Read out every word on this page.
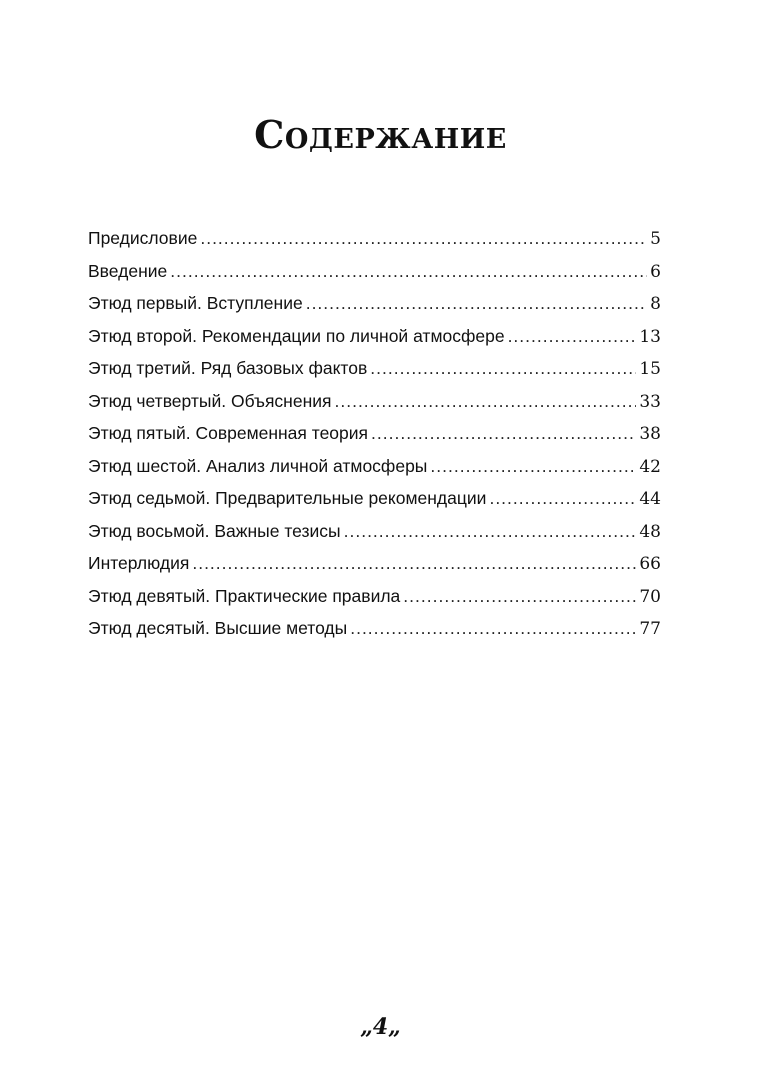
Содержание
Предисловие .....	5
Введение .....	6
Этюд первый. Вступление .....	8
Этюд второй. Рекомендации по личной атмосфере .....	13
Этюд третий. Ряд базовых фактов .....	15
Этюд четвертый. Объяснения .....	33
Этюд пятый. Современная теория .....	38
Этюд шестой. Анализ личной атмосферы .....	42
Этюд седьмой. Предварительные рекомендации .....	44
Этюд восьмой. Важные тезисы .....	48
Интерлюдия .....	66
Этюд девятый. Практические правила .....	70
Этюд десятый. Высшие методы .....	77
„4„
